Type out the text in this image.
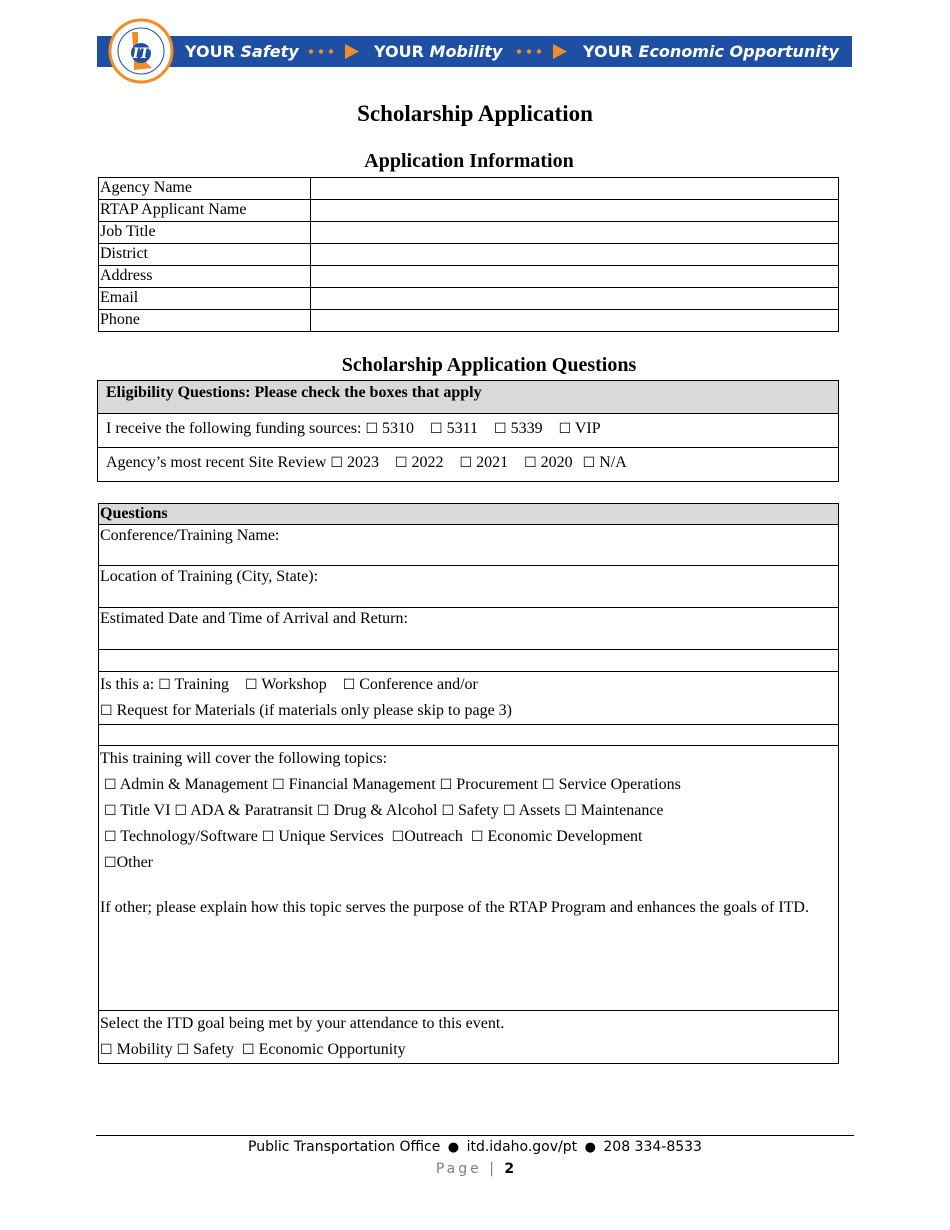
YOUR Safety	YOUR Mobility	YOUR Economic Opportunity
IT
Scholarship Application
Application Information
Agency Name	
RTAP Applicant Name	
Job Title	
District	
Address	
Email	
Phone	
Scholarship Application Questions
Eligibility Questions: Please check the boxes that apply
I receive the following funding sources: ☐ 5310 ☐ 5311 ☐ 5339 ☐ VIP
Agency’s most recent Site Review ☐ 2023 ☐ 2022 ☐ 2021 ☐ 2020 ☐ N/A
Questions
Conference/Training Name:
Location of Training (City, State):
Estimated Date and Time of Arrival and Return:

Is this a: ☐ Training ☐ Workshop ☐ Conference and/or
☐ Request for Materials (if materials only please skip to page 3)

This training will cover the following topics:
☐ Admin & Management ☐ Financial Management ☐ Procurement ☐ Service Operations
☐ Title VI ☐ ADA & Paratransit ☐ Drug & Alcohol ☐ Safety ☐ Assets ☐ Maintenance
☐ Technology/Software ☐ Unique Services ☐Outreach ☐ Economic Development
☐Other
If other; please explain how this topic serves the purpose of the RTAP Program and enhances the goals of ITD.

Select the ITD goal being met by your attendance to this event.
☐ Mobility ☐ Safety ☐ Economic Opportunity
Public Transportation Office ● itd.idaho.gov/pt ● 208 334-8533
Page | 2
